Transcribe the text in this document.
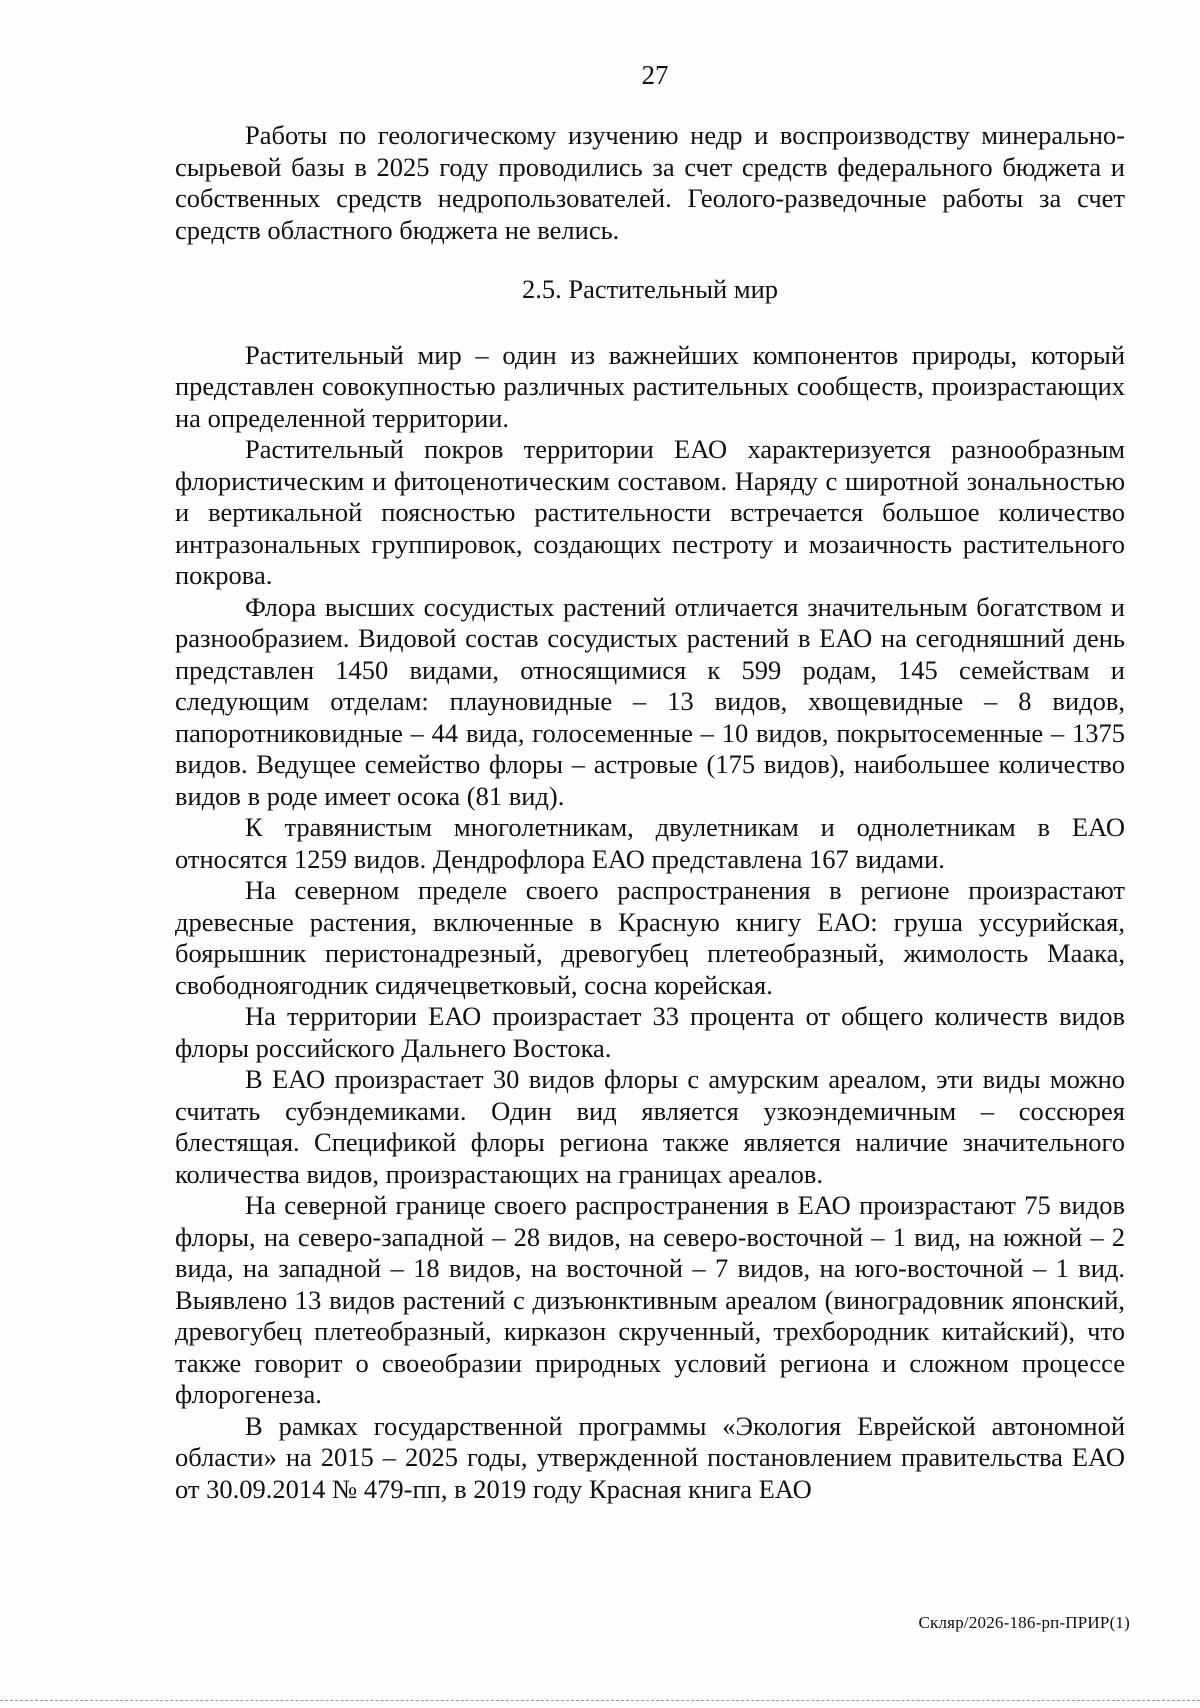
27

Работы по геологическому изучению недр и воспроизводству минерально-сырьевой базы в 2025 году проводились за счет средств федерального бюджета и собственных средств недропользователей. Геолого-разведочные работы за счет средств областного бюджета не велись.

2.5. Растительный мир

Растительный мир – один из важнейших компонентов природы, который представлен совокупностью различных растительных сообществ, произрастающих на определенной территории.

Растительный покров территории ЕАО характеризуется разнообразным флористическим и фитоценотическим составом. Наряду с широтной зональностью и вертикальной поясностью растительности встречается большое количество интразональных группировок, создающих пестроту и мозаичность растительного покрова.

Флора высших сосудистых растений отличается значительным богатством и разнообразием. Видовой состав сосудистых растений в ЕАО на сегодняшний день представлен 1450 видами, относящимися к 599 родам, 145 семействам и следующим отделам: плауновидные – 13 видов, хвощевидные – 8 видов, папоротниковидные – 44 вида, голосеменные – 10 видов, покрытосеменные – 1375 видов. Ведущее семейство флоры – астровые (175 видов), наибольшее количество видов в роде имеет осока (81 вид).

К травянистым многолетникам, двулетникам и однолетникам в ЕАО относятся 1259 видов. Дендрофлора ЕАО представлена 167 видами.

На северном пределе своего распространения в регионе произрастают древесные растения, включенные в Красную книгу ЕАО: груша уссурийская, боярышник перистонадрезный, древогубец плетеобразный, жимолость Маака, свободноягодник сидячецветковый, сосна корейская.

На территории ЕАО произрастает 33 процента от общего количеств видов флоры российского Дальнего Востока.

В ЕАО произрастает 30 видов флоры с амурским ареалом, эти виды можно считать субэндемиками. Один вид является узкоэндемичным – соссюрея блестящая. Спецификой флоры региона также является наличие значительного количества видов, произрастающих на границах ареалов.

На северной границе своего распространения в ЕАО произрастают 75 видов флоры, на северо-западной – 28 видов, на северо-восточной – 1 вид, на южной – 2 вида, на западной – 18 видов, на восточной – 7 видов, на юго-восточной – 1 вид. Выявлено 13 видов растений с дизъюнктивным ареалом (виноградовник японский, древогубец плетеобразный, кирказон скрученный, трехбородник китайский), что также говорит о своеобразии природных условий региона и сложном процессе флорогенеза.

В рамках государственной программы «Экология Еврейской автономной области» на 2015 – 2025 годы, утвержденной постановлением правительства ЕАО от 30.09.2014 № 479-пп, в 2019 году Красная книга ЕАО

Скляр/2026-186-рп-ПРИР(1)
